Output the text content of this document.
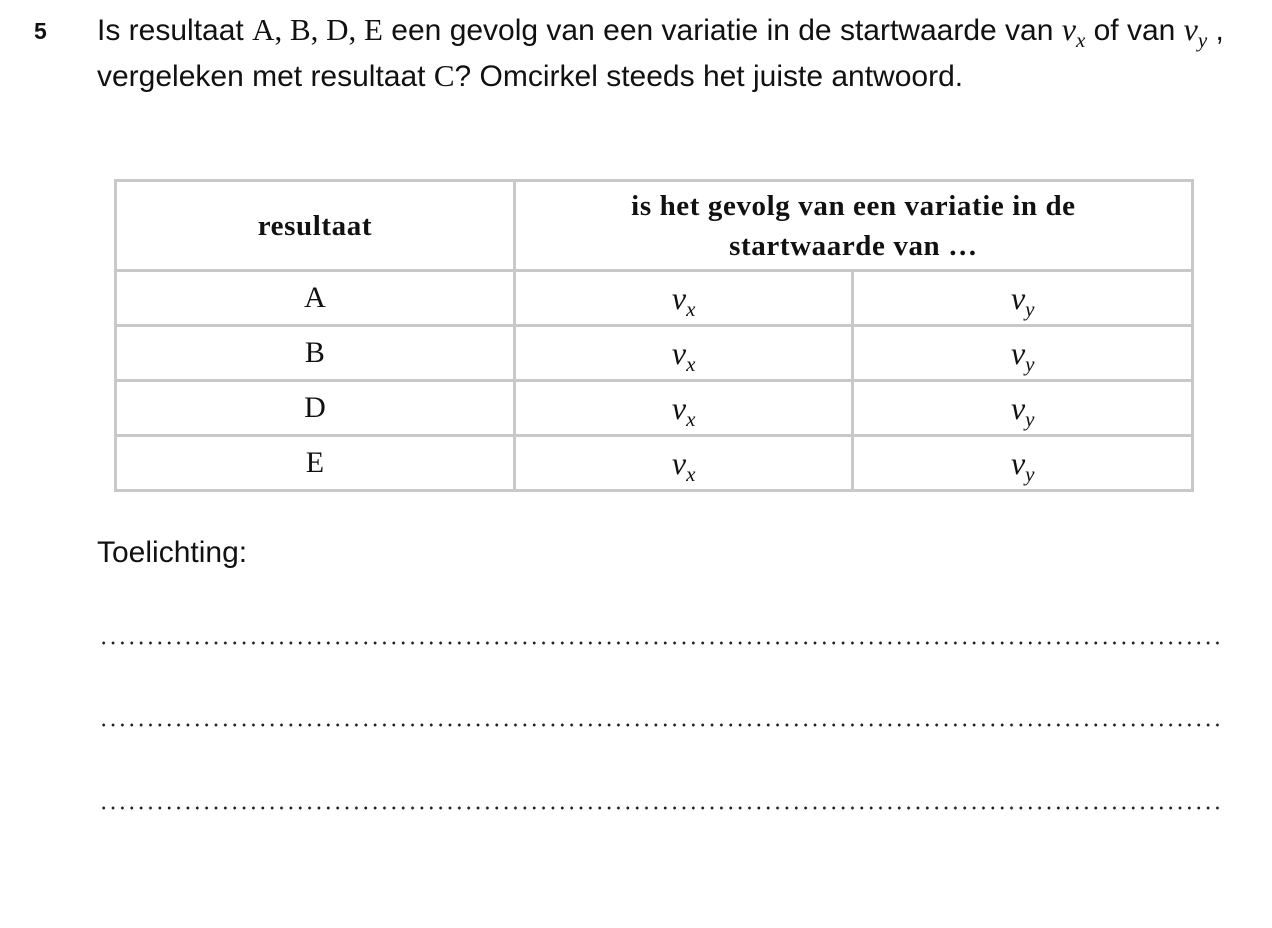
5 Is resultaat A, B, D, E een gevolg van een variatie in de startwaarde van $v_x$ of van $v_y$ , vergeleken met resultaat C? Omcirkel steeds het juiste antwoord.
resultaat	is het gevolg van een variatie in de startwaarde van …	

A	$v_x$	$v_y$
B	$v_x$	$v_y$
D	$v_x$	$v_y$
E	$v_x$	$v_y$
Toelichting:
